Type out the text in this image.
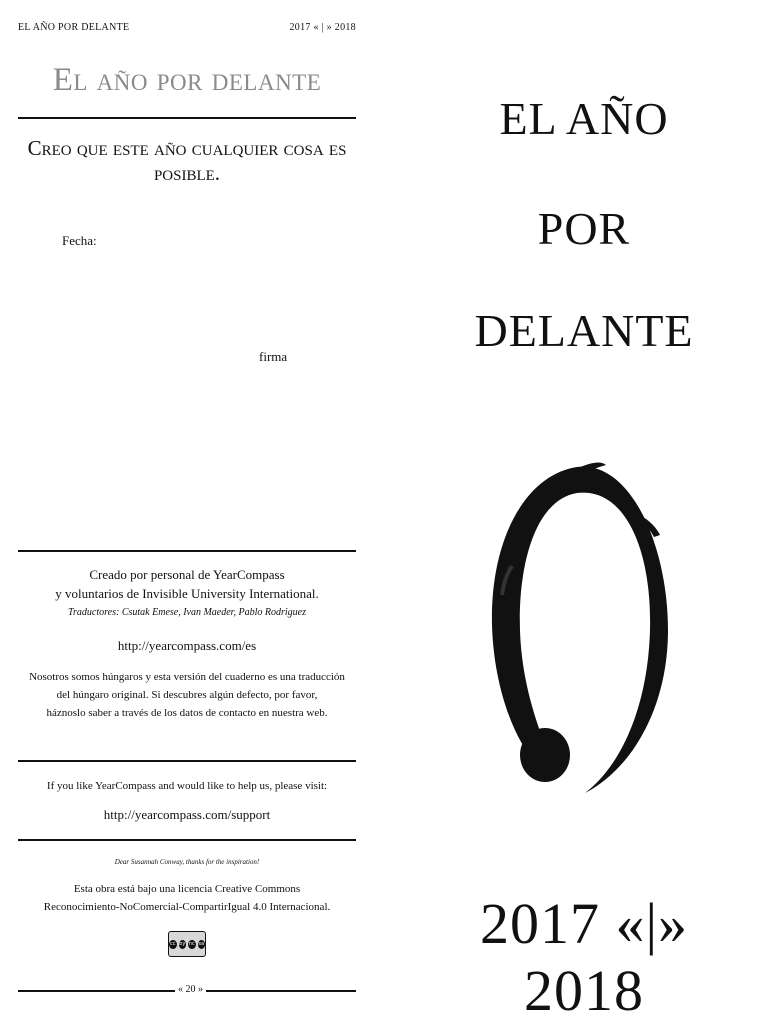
EL AÑO POR DELANTE	2017 « | » 2018
El año por delante
Creo que este año cualquier cosa es posible.
Fecha:
firma
Creado por personal de YearCompass
y voluntarios de Invisible University International.
Traductores: Csutak Emese, Ivan Maeder, Pablo Rodriguez
http://yearcompass.com/es
Nosotros somos húngaros y esta versión del cuaderno es una traducción
del húngaro original. Si descubres algún defecto, por favor,
háznoslo saber a través de los datos de contacto en nuestra web.
If you like YearCompass and would like to help us, please visit:
http://yearcompass.com/support
Dear Susannah Conway, thanks for the inspiration!
Esta obra está bajo una licencia Creative Commons
Reconocimiento-NoComercial-CompartirIgual 4.0 Internacional.
cc by nc sa
« 20 »
EL AÑO
POR
DELANTE
2017 «|» 2018
